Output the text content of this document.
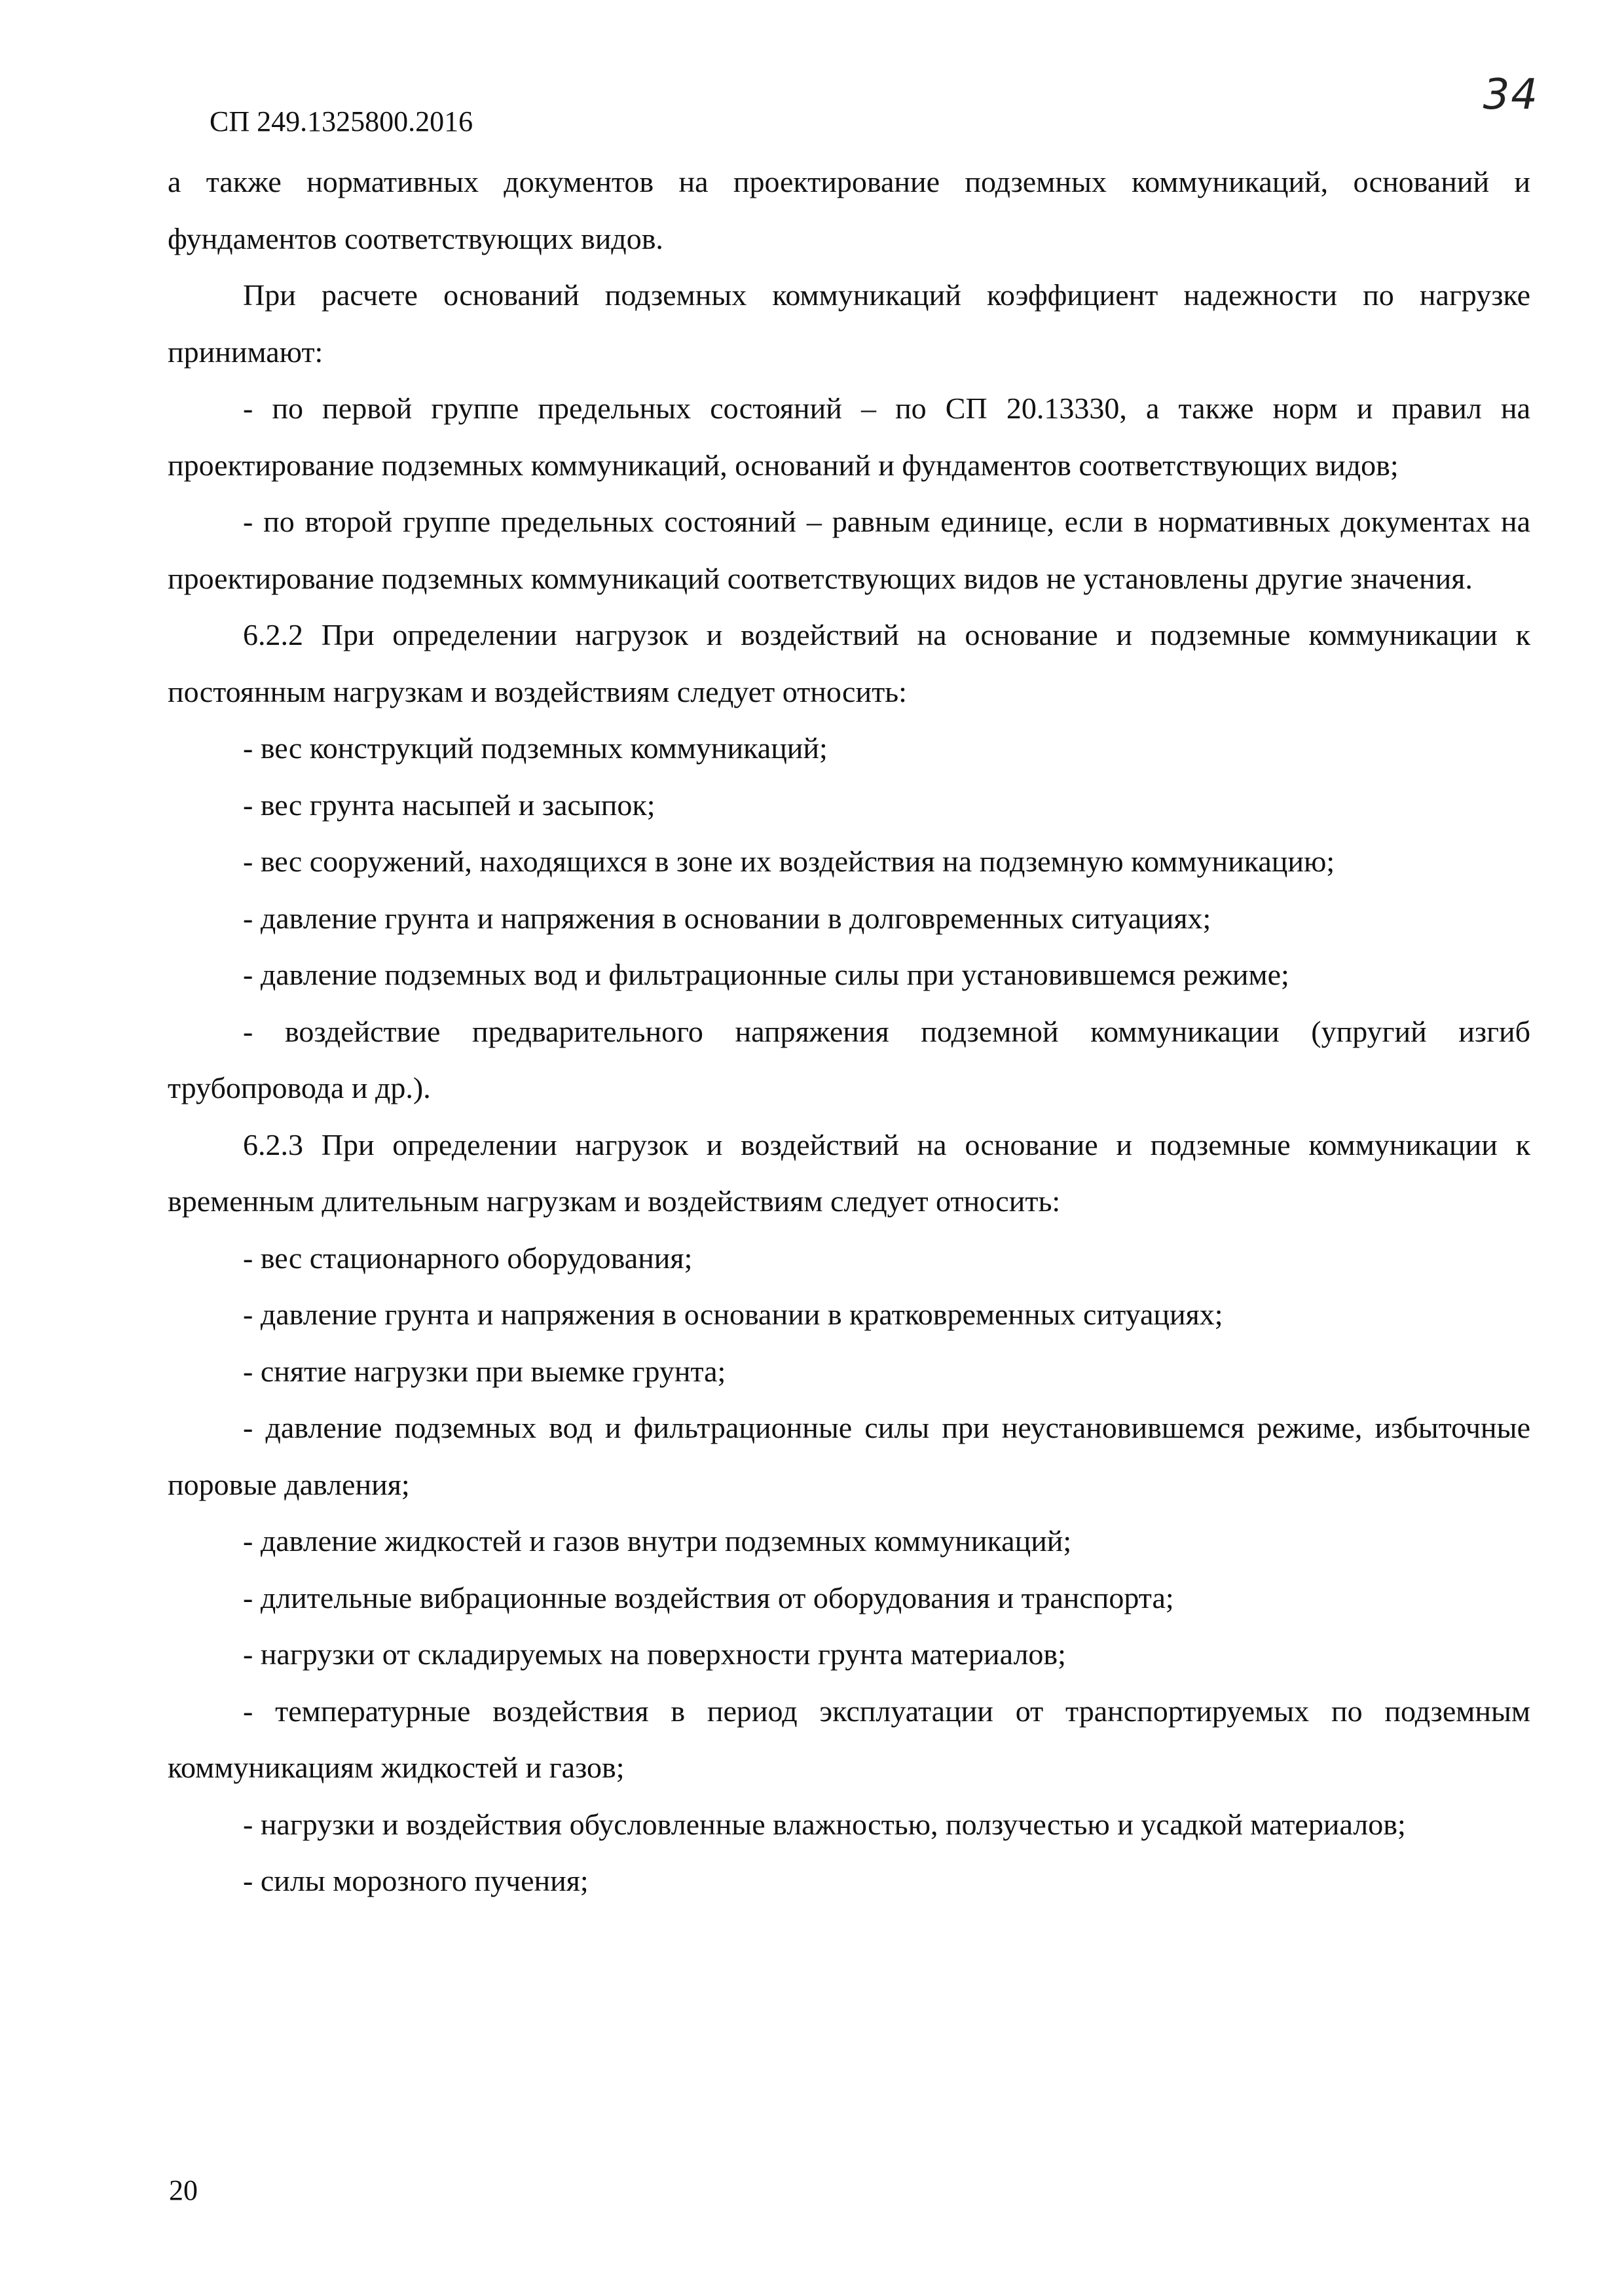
СП 249.1325800.2016
34

а также нормативных документов на проектирование подземных коммуникаций, оснований и фундаментов соответствующих видов.

При расчете оснований подземных коммуникаций коэффициент надежности по нагрузке принимают:

- по первой группе предельных состояний – по СП 20.13330, а также норм и правил на проектирование подземных коммуникаций, оснований и фундаментов соответствующих видов;

- по второй группе предельных состояний – равным единице, если в нормативных документах на проектирование подземных коммуникаций соответствующих видов не установлены другие значения.

6.2.2 При определении нагрузок и воздействий на основание и подземные коммуникации к постоянным нагрузкам и воздействиям следует относить:

- вес конструкций подземных коммуникаций;

- вес грунта насыпей и засыпок;

- вес сооружений, находящихся в зоне их воздействия на подземную коммуникацию;

- давление грунта и напряжения в основании в долговременных ситуациях;

- давление подземных вод и фильтрационные силы при установившемся режиме;

- воздействие предварительного напряжения подземной коммуникации (упругий изгиб трубопровода и др.).

6.2.3 При определении нагрузок и воздействий на основание и подземные коммуникации к временным длительным нагрузкам и воздействиям следует относить:

- вес стационарного оборудования;

- давление грунта и напряжения в основании в кратковременных ситуациях;

- снятие нагрузки при выемке грунта;

- давление подземных вод и фильтрационные силы при неустановившемся режиме, избыточные поровые давления;

- давление жидкостей и газов внутри подземных коммуникаций;

- длительные вибрационные воздействия от оборудования и транспорта;

- нагрузки от складируемых на поверхности грунта материалов;

- температурные воздействия в период эксплуатации от транспортируемых по подземным коммуникациям жидкостей и газов;

- нагрузки и воздействия обусловленные влажностью, ползучестью и усадкой материалов;

- силы морозного пучения;

20
